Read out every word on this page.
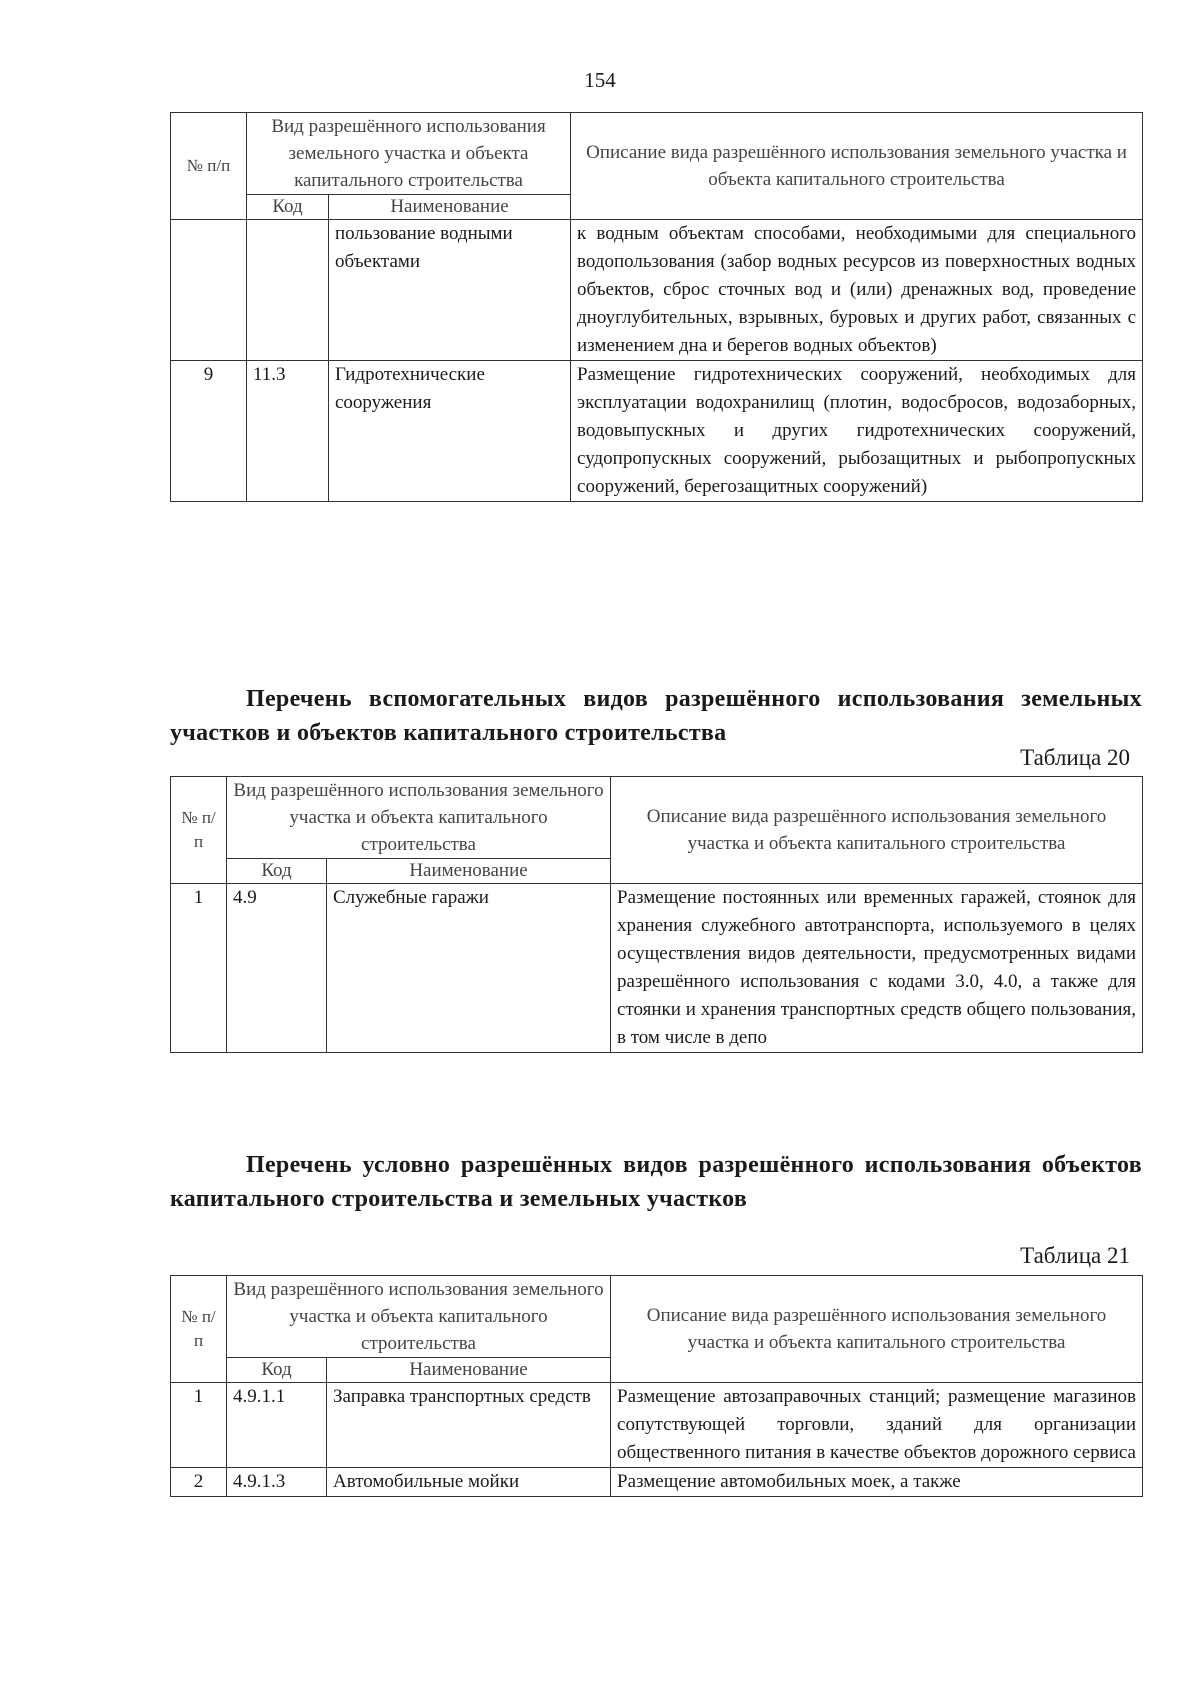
154
№ п/п	Вид разрешённого использования земельного участка и объекта капитального строительства		Описание вида разрешённого использования земельного участка и объекта капитального строительства
	Код	Наименование	
		пользование водными объектами	к водным объектам способами, необходимыми для специального водопользования (забор водных ресурсов из поверхностных водных объектов, сброс сточных вод и (или) дренажных вод, проведение дноуглубительных, взрывных, буровых и других работ, связанных с изменением дна и берегов водных объектов)
9	11.3	Гидротехнические сооружения	Размещение гидротехнических сооружений, необходимых для эксплуатации водохранилищ (плотин, водосбросов, водозаборных, водовыпускных и других гидротехнических сооружений, судопропускных сооружений, рыбозащитных и рыбопропускных сооружений, берегозащитных сооружений)
Перечень вспомогательных видов разрешённого использования земельных участков и объектов капитального строительства
Таблица 20
№ п/п	Вид разрешённого использования земельного участка и объекта капитального строительства		Описание вида разрешённого использования земельного участка и объекта капитального строительства
	Код	Наименование	
1	4.9	Служебные гаражи	Размещение постоянных или временных гаражей, стоянок для хранения служебного автотранспорта, используемого в целях осуществления видов деятельности, предусмотренных видами разрешённого использования с кодами 3.0, 4.0, а также для стоянки и хранения транспортных средств общего пользования, в том числе в депо
Перечень условно разрешённых видов разрешённого использования объектов капитального строительства и земельных участков
Таблица 21
№ п/п	Вид разрешённого использования земельного участка и объекта капитального строительства		Описание вида разрешённого использования земельного участка и объекта капитального строительства
	Код	Наименование	
1	4.9.1.1	Заправка транспортных средств	Размещение автозаправочных станций; размещение магазинов сопутствующей торговли, зданий для организации общественного питания в качестве объектов дорожного сервиса
2	4.9.1.3	Автомобильные мойки	Размещение автомобильных моек, а также
